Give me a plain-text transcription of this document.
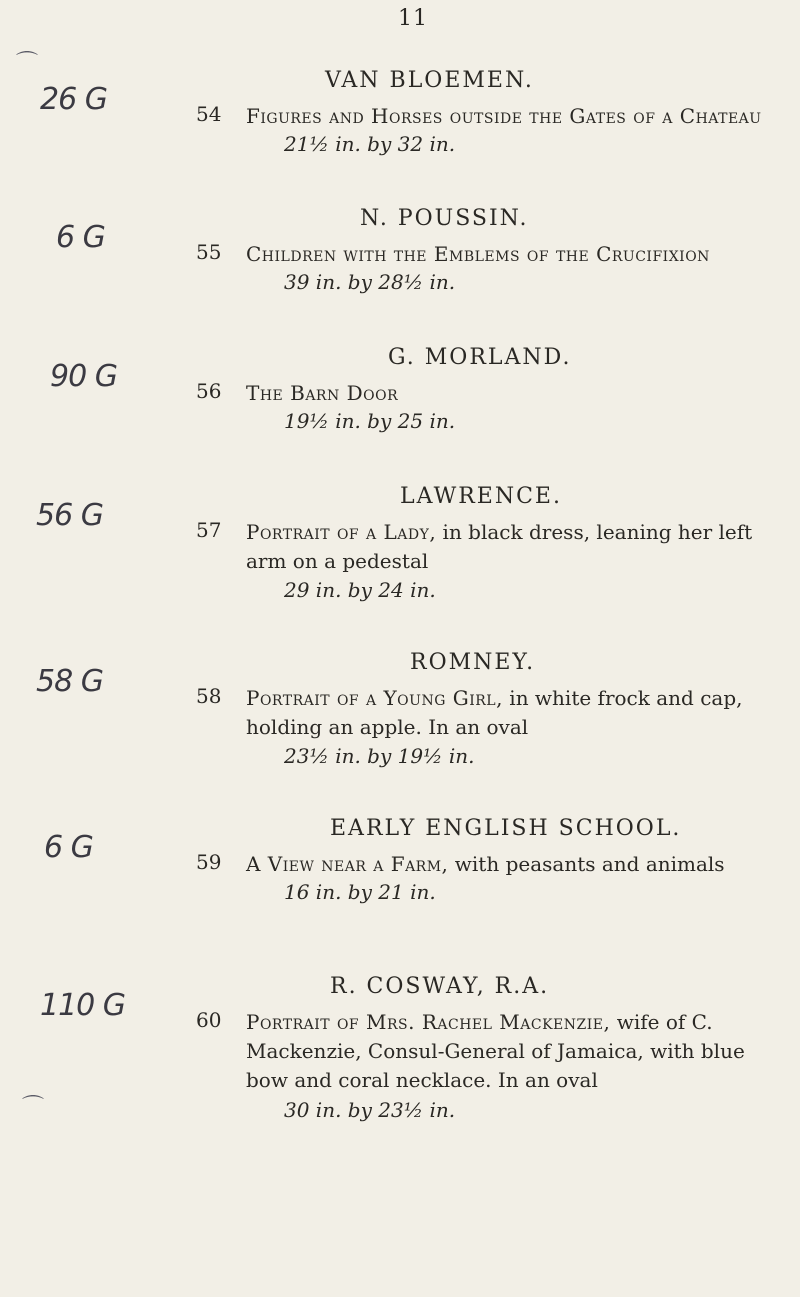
11
VAN BLOEMEN.
26 G	54 Figures and Horses outside the Gates of a Chateau
21½ in. by 32 in.
N. POUSSIN.
6 G	55 Children with the Emblems of the Crucifixion
39 in. by 28½ in.
G. MORLAND.
90 G	56 The Barn Door
19½ in. by 25 in.
LAWRENCE.
56 G	57 Portrait of a Lady, in black dress, leaning her left arm on a pedestal
29 in. by 24 in.
ROMNEY.
58 G	58 Portrait of a Young Girl, in white frock and cap, holding an apple. In an oval
23½ in. by 19½ in.
EARLY ENGLISH SCHOOL.
6 G	59 A View near a Farm, with peasants and animals
16 in. by 21 in.
R. COSWAY, R.A.
110 G	60 Portrait of Mrs. Rachel Mackenzie, wife of C. Mackenzie, Consul-General of Jamaica, with blue bow and coral necklace. In an oval
30 in. by 23½ in.
⌒
⌒
